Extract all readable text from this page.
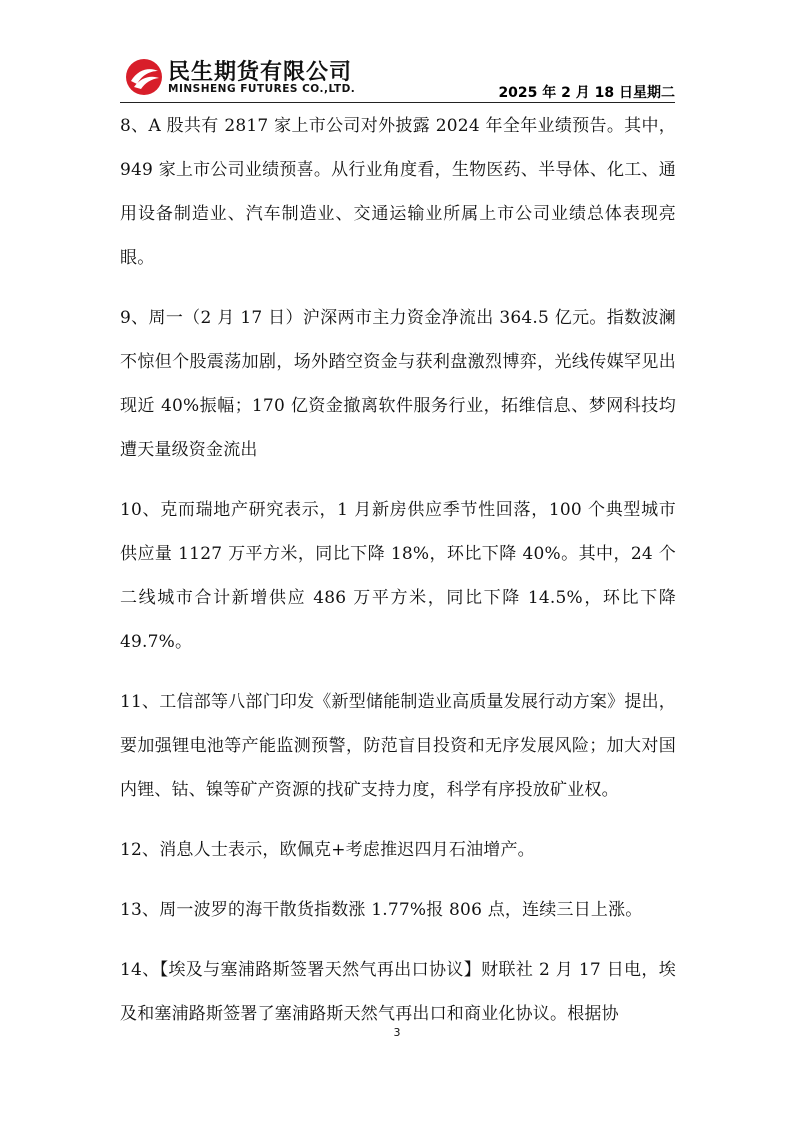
民生期货有限公司
MINSHENG FUTURES CO.,LTD.	2025 年 2 月 18 日星期二

8、A 股共有 2817 家上市公司对外披露 2024 年全年业绩预告。其中，949 家上市公司业绩预喜。从行业角度看，生物医药、半导体、化工、通用设备制造业、汽车制造业、交通运输业所属上市公司业绩总体表现亮眼。

9、周一（2 月 17 日）沪深两市主力资金净流出 364.5 亿元。指数波澜不惊但个股震荡加剧，场外踏空资金与获利盘激烈博弈，光线传媒罕见出现近 40%振幅；170 亿资金撤离软件服务行业，拓维信息、梦网科技均遭天量级资金流出

10、克而瑞地产研究表示，1 月新房供应季节性回落，100 个典型城市供应量 1127 万平方米，同比下降 18%，环比下降 40%。其中，24 个二线城市合计新增供应 486 万平方米，同比下降 14.5%，环比下降 49.7%。

11、工信部等八部门印发《新型储能制造业高质量发展行动方案》提出，要加强锂电池等产能监测预警，防范盲目投资和无序发展风险；加大对国内锂、钴、镍等矿产资源的找矿支持力度，科学有序投放矿业权。

12、消息人士表示，欧佩克+考虑推迟四月石油增产。

13、周一波罗的海干散货指数涨 1.77%报 806 点，连续三日上涨。

14、【埃及与塞浦路斯签署天然气再出口协议】财联社 2 月 17 日电，埃及和塞浦路斯签署了塞浦路斯天然气再出口和商业化协议。根据协

3
